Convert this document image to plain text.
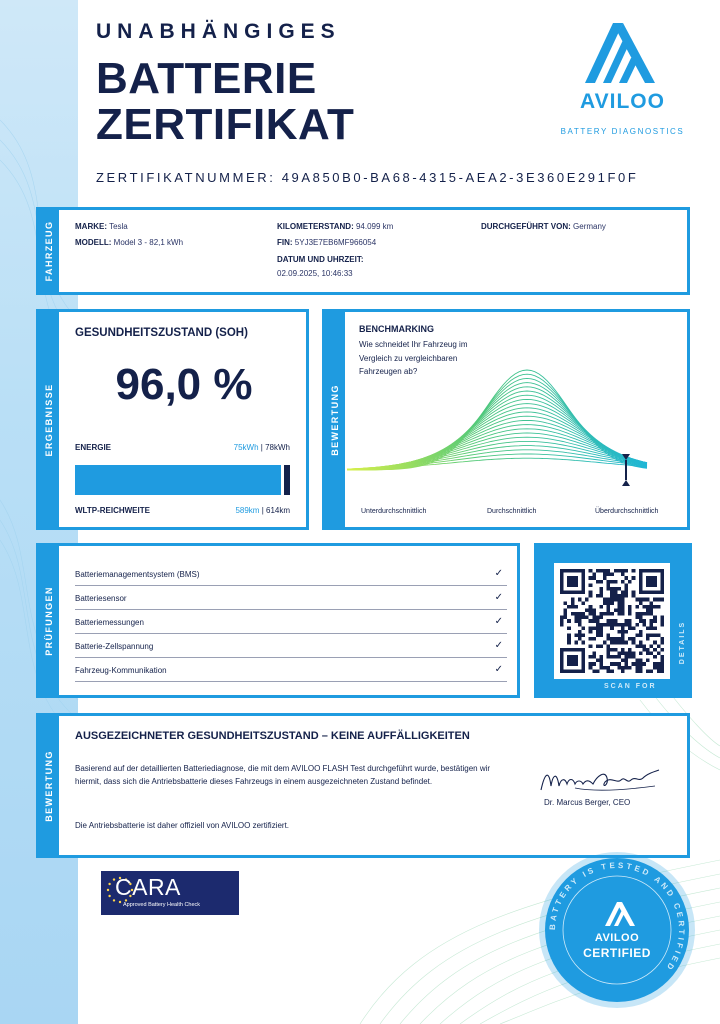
UNABHÄNGIGES
BATTERIE
ZERTIFIKAT
ZERTIFIKATNUMMER: 49A850B0-BA68-4315-AEA2-3E360E291F0F
AVILOO
BATTERY DIAGNOSTICS
FAHRZEUG	MARKE: Tesla
MODELL: Model 3 - 82,1 kWh
KILOMETERSTAND: 94.099 km
FIN: 5YJ3E7EB6MF966054
DATUM UND UHRZEIT:
02.09.2025, 10:46:33
DURCHGEFÜHRT VON: Germany
ERGEBNISSE
GESUNDHEITSZUSTAND (SOH)
96,0 %
ENERGIE	75kWh | 78kWh
WLTP-REICHWEITE	589km | 614km
BEWERTUNG
BENCHMARKING
Wie schneidet Ihr Fahrzeug im Vergleich zu vergleichbaren Fahrzeugen ab?
Unterdurchschnittlich	Durchschnittlich	Überdurchschnittlich
PRÜFUNGEN
Batteriemanagementsystem (BMS)	✓
Batteriesensor	✓
Batteriemessungen	✓
Batterie-Zellspannung	✓
Fahrzeug-Kommunikation	✓
SCAN FOR
DETAILS
BEWERTUNG
AUSGEZEICHNETER GESUNDHEITSZUSTAND – KEINE AUFFÄLLIGKEITEN
Basierend auf der detaillierten Batteriediagnose, die mit dem AVILOO FLASH Test durchgeführt wurde, bestätigen wir hiermit, dass sich die Antriebsbatterie dieses Fahrzeugs in einem ausgezeichneten Zustand befindet.
Die Antriebsbatterie ist daher offiziell von AVILOO zertifiziert.
Dr. Marcus Berger, CEO
CARA
Approved Battery Health Check
BATTERY IS TESTED AND CERTIFIED
AVILOO
CERTIFIED
